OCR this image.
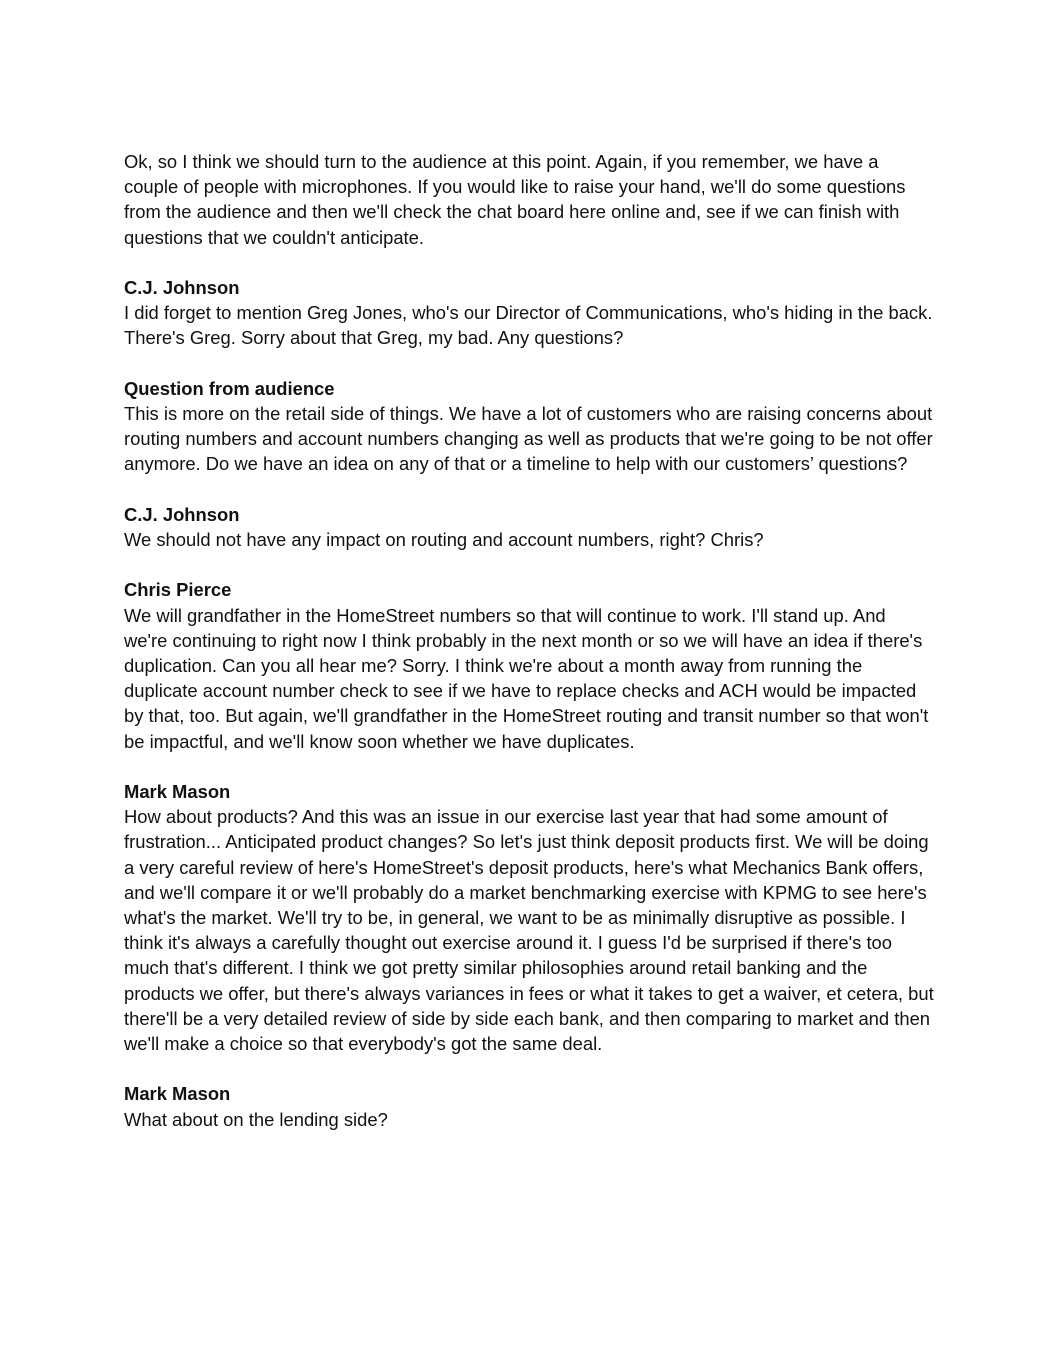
Ok, so I think we should turn to the audience at this point. Again, if you remember, we have a couple of people with microphones. If you would like to raise your hand, we'll do some questions from the audience and then we'll check the chat board here online and, see if we can finish with questions that we couldn't anticipate.

C.J. Johnson
I did forget to mention Greg Jones, who's our Director of Communications, who's hiding in the back. There's Greg. Sorry about that Greg, my bad. Any questions?

Question from audience
This is more on the retail side of things. We have a lot of customers who are raising concerns about routing numbers and account numbers changing as well as products that we're going to be not offer anymore. Do we have an idea on any of that or a timeline to help with our customers’ questions?

C.J. Johnson
We should not have any impact on routing and account numbers, right? Chris?

Chris Pierce
We will grandfather in the HomeStreet numbers so that will continue to work. I'll stand up. And we're continuing to right now I think probably in the next month or so we will have an idea if there's duplication. Can you all hear me? Sorry. I think we're about a month away from running the duplicate account number check to see if we have to replace checks and ACH would be impacted by that, too. But again, we'll grandfather in the HomeStreet routing and transit number so that won't be impactful, and we'll know soon whether we have duplicates.

Mark Mason
How about products? And this was an issue in our exercise last year that had some amount of frustration... Anticipated product changes? So let's just think deposit products first. We will be doing a very careful review of here's HomeStreet's deposit products, here's what Mechanics Bank offers, and we'll compare it or we'll probably do a market benchmarking exercise with KPMG to see here's what's the market. We'll try to be, in general, we want to be as minimally disruptive as possible. I think it's always a carefully thought out exercise around it. I guess I'd be surprised if there's too much that's different. I think we got pretty similar philosophies around retail banking and the products we offer, but there's always variances in fees or what it takes to get a waiver, et cetera, but there'll be a very detailed review of side by side each bank, and then comparing to market and then we'll make a choice so that everybody's got the same deal.

Mark Mason
What about on the lending side?
